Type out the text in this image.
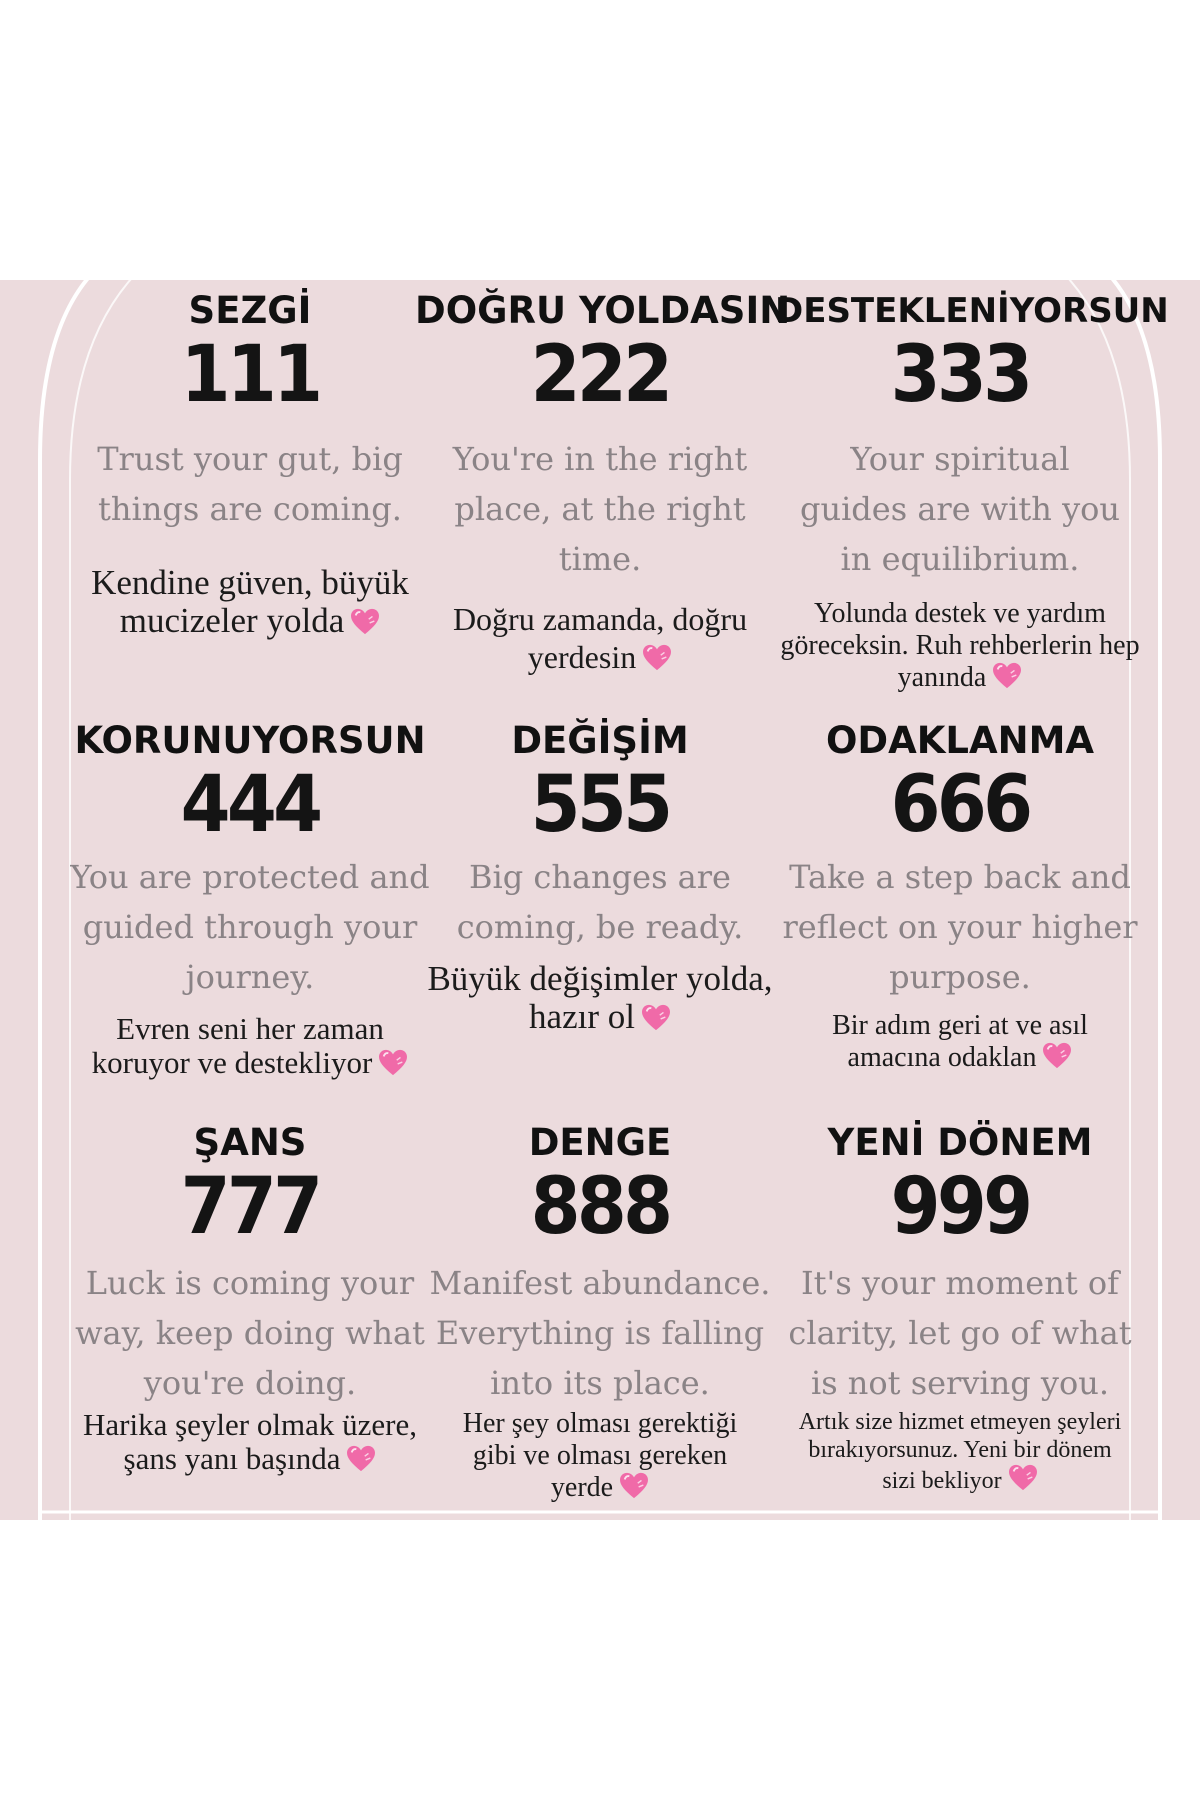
SEZGİ
111
Trust your gut, big things are coming.
Kendine güven, büyük mucizeler yolda
DOĞRU YOLDASIN
222
You're in the right place, at the right time.
Doğru zamanda, doğru yerdesin
DESTEKLENİYORSUN
333
Your spiritual guides are with you in equilibrium.
Yolunda destek ve yardım göreceksin. Ruh rehberlerin hep yanında
KORUNUYORSUN
444
You are protected and guided through your journey.
Evren seni her zaman koruyor ve destekliyor
DEĞİŞİM
555
Big changes are coming, be ready.
Büyük değişimler yolda, hazır ol
ODAKLANMA
666
Take a step back and reflect on your higher purpose.
Bir adım geri at ve asıl amacına odaklan
ŞANS
777
Luck is coming your way, keep doing what you're doing.
Harika şeyler olmak üzere, şans yanı başında
DENGE
888
Manifest abundance. Everything is falling into its place.
Her şey olması gerektiği gibi ve olması gereken yerde
YENİ DÖNEM
999
It's your moment of clarity, let go of what is not serving you.
Artık size hizmet etmeyen şeyleri bırakıyorsunuz. Yeni bir dönem sizi bekliyor
